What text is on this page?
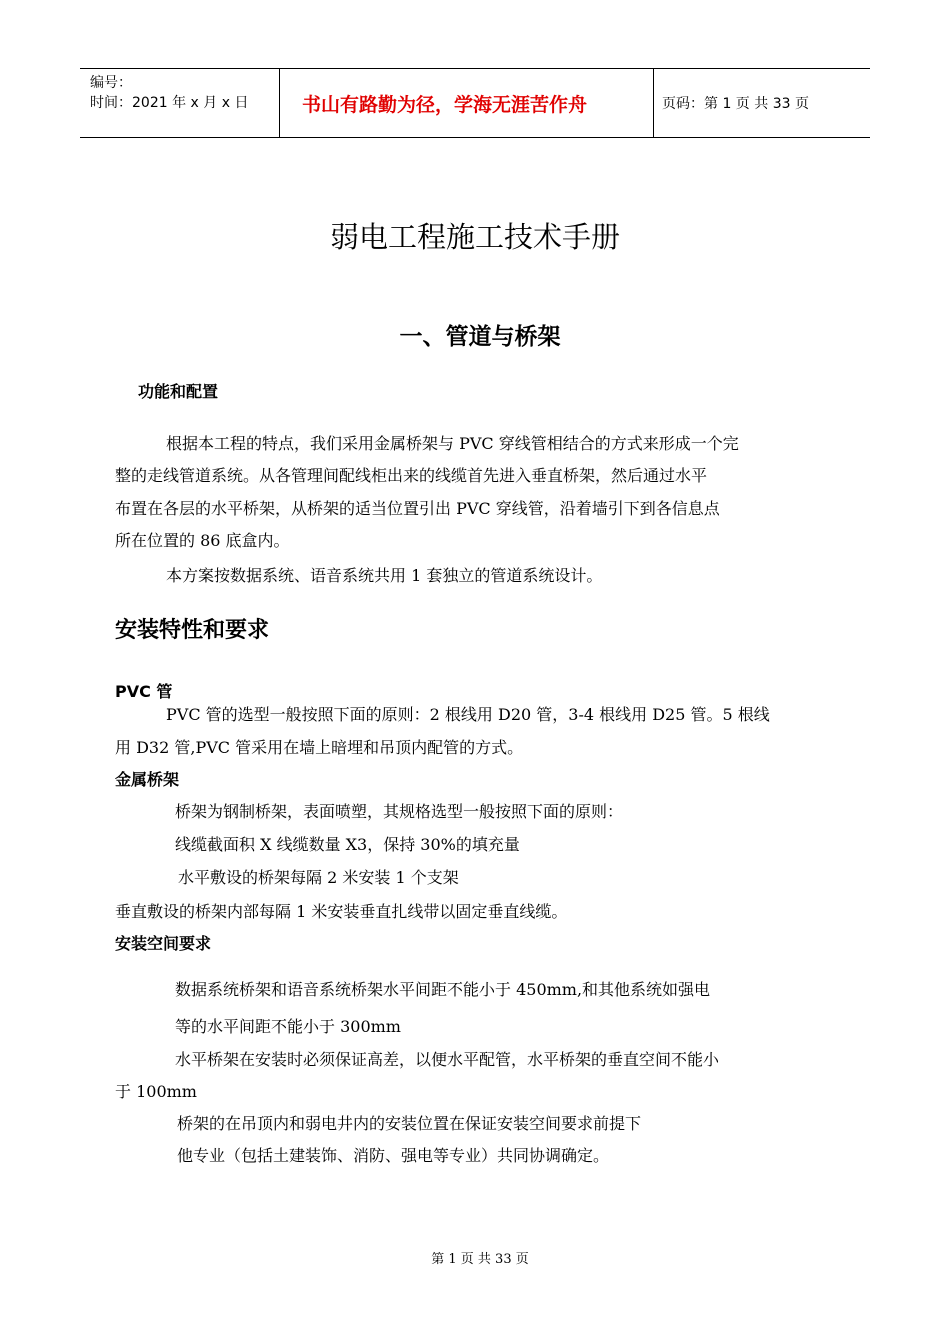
编号：
时间：2021 年 x 月 x 日	书山有路勤为径，学海无涯苦作舟	页码：第 1 页 共 33 页
弱电工程施工技术手册
一、管道与桥架
功能和配置
根据本工程的特点，我们采用金属桥架与 PVC 穿线管相结合的方式来形成一个完
整的走线管道系统。从各管理间配线柜出来的线缆首先进入垂直桥架，然后通过水平
布置在各层的水平桥架，从桥架的适当位置引出 PVC 穿线管，沿着墙引下到各信息点
所在位置的 86 底盒内。
本方案按数据系统、语音系统共用 1 套独立的管道系统设计。
安装特性和要求
PVC 管
PVC 管的选型一般按照下面的原则：2 根线用 D20 管，3-4 根线用 D25 管。5 根线
用 D32 管,PVC 管采用在墙上暗埋和吊顶内配管的方式。
金属桥架
桥架为钢制桥架，表面喷塑，其规格选型一般按照下面的原则：
线缆截面积 X 线缆数量 X3，保持 30%的填充量
水平敷设的桥架每隔 2 米安装 1 个支架
垂直敷设的桥架内部每隔 1 米安装垂直扎线带以固定垂直线缆。
安装空间要求
数据系统桥架和语音系统桥架水平间距不能小于 450mm,和其他系统如强电
等的水平间距不能小于 300mm
水平桥架在安装时必须保证高差，以便水平配管，水平桥架的垂直空间不能小
于 100mm
桥架的在吊顶内和弱电井内的安装位置在保证安装空间要求前提下
他专业（包括土建装饰、消防、强电等专业）共同协调确定。
第 1 页 共 33 页
